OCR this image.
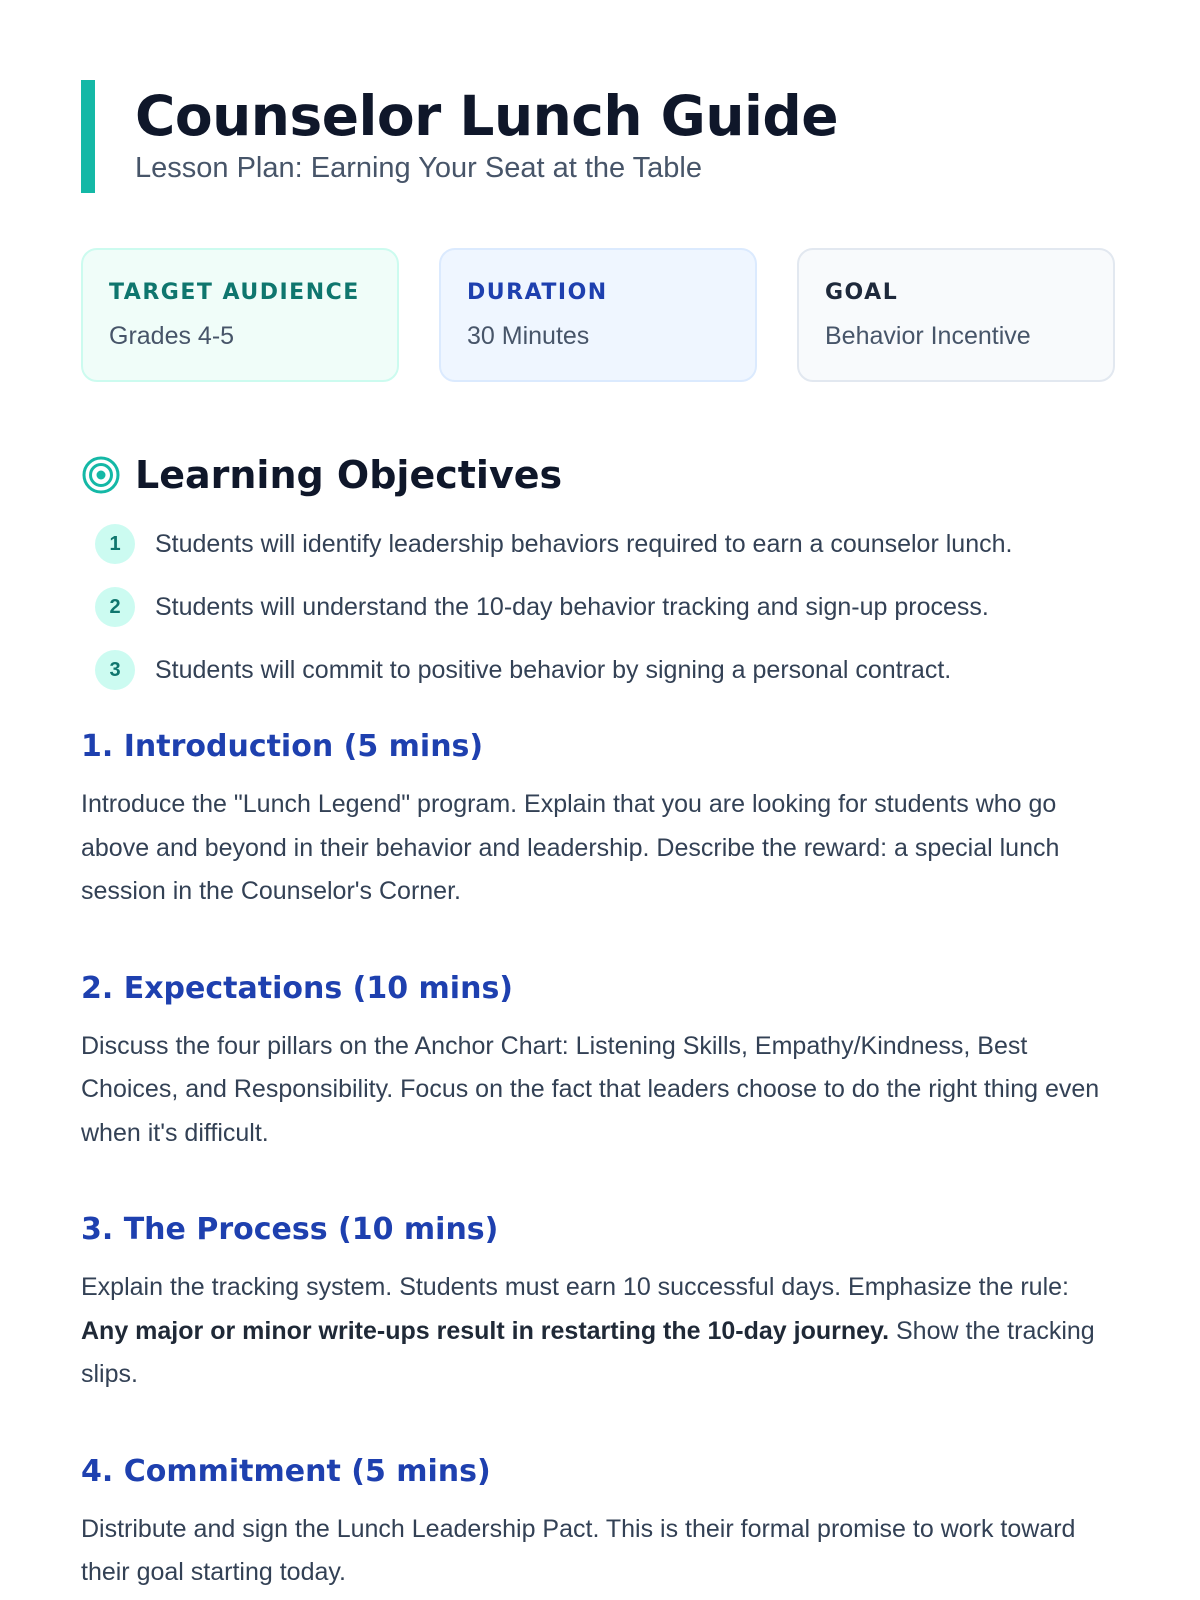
Counselor Lunch Guide

Lesson Plan: Earning Your Seat at the Table

TARGET AUDIENCE
Grades 4-5
DURATION
30 Minutes
GOAL
Behavior Incentive
Learning Objectives
1	Students will identify leadership behaviors required to earn a counselor lunch.
2	Students will understand the 10-day behavior tracking and sign-up process.
3	Students will commit to positive behavior by signing a personal contract.
1. Introduction (5 mins)

Introduce the "Lunch Legend" program. Explain that you are looking for students who go above and beyond in their behavior and leadership. Describe the reward: a special lunch session in the Counselor's Corner.

2. Expectations (10 mins)

Discuss the four pillars on the Anchor Chart: Listening Skills, Empathy/Kindness, Best Choices, and Responsibility. Focus on the fact that leaders choose to do the right thing even when it's difficult.

3. The Process (10 mins)

Explain the tracking system. Students must earn 10 successful days. Emphasize the rule: Any major or minor write-ups result in restarting the 10-day journey. Show the tracking slips.

4. Commitment (5 mins)

Distribute and sign the Lunch Leadership Pact. This is their formal promise to work toward their goal starting today.
